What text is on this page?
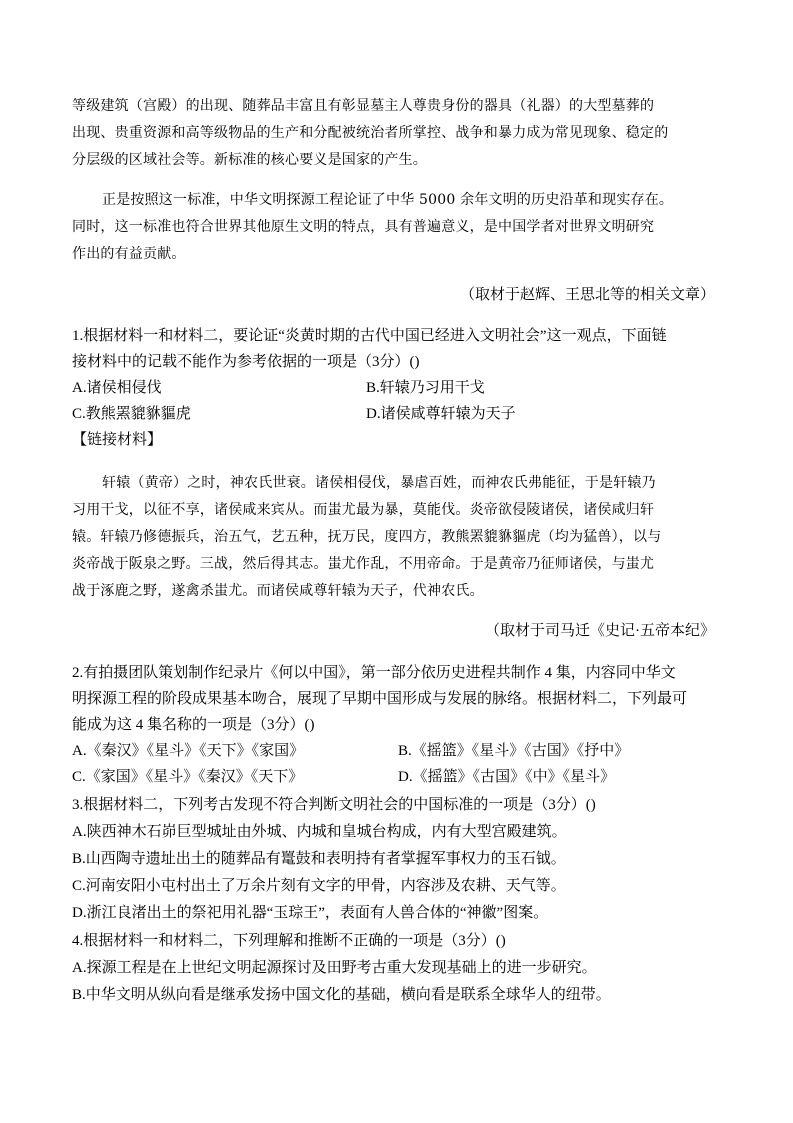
等级建筑（宫殿）的出现、随葬品丰富且有彰显墓主人尊贵身份的器具（礼器）的大型墓葬的
出现、贵重资源和高等级物品的生产和分配被统治者所掌控、战争和暴力成为常见现象、稳定的
分层级的区域社会等。新标准的核心要义是国家的产生。
正是按照这一标准，中华文明探源工程论证了中华 5000 余年文明的历史沿革和现实存在。
同时，这一标准也符合世界其他原生文明的特点，具有普遍意义，是中国学者对世界文明研究
作出的有益贡献。
（取材于赵辉、王思北等的相关文章）
1.根据材料一和材料二，要论证“炎黄时期的古代中国已经进入文明社会”这一观点，下面链
接材料中的记载不能作为参考依据的一项是（3分）()
A.诸侯相侵伐	B.轩辕乃习用干戈
C.教熊罴貔貅貙虎	D.诸侯咸尊轩辕为天子
【链接材料】
轩辕（黄帝）之时，神农氏世衰。诸侯相侵伐，暴虐百姓，而神农氏弗能征，于是轩辕乃
习用干戈，以征不享，诸侯咸来宾从。而蚩尤最为暴，莫能伐。炎帝欲侵陵诸侯，诸侯咸归轩
辕。轩辕乃修德振兵，治五气，艺五种，抚万民，度四方，教熊罴貔貅貙虎（均为猛兽），以与
炎帝战于阪泉之野。三战，然后得其志。蚩尤作乱，不用帝命。于是黄帝乃征师诸侯，与蚩尤
战于涿鹿之野，遂禽杀蚩尤。而诸侯咸尊轩辕为天子，代神农氏。
（取材于司马迁《史记·五帝本纪》
2.有拍摄团队策划制作纪录片《何以中国》，第一部分依历史进程共制作 4 集，内容同中华文
明探源工程的阶段成果基本吻合，展现了早期中国形成与发展的脉络。根据材料二，下列最可
能成为这 4 集名称的一项是（3分）()
A.《秦汉》《星斗》《天下》《家国》	B.《摇篮》《星斗》《古国》《抒中》
C.《家国》《星斗》《秦汉》《天下》	D.《摇篮》《古国》《中》《星斗》
3.根据材料二，下列考古发现不符合判断文明社会的中国标准的一项是（3分）()
A.陕西神木石峁巨型城址由外城、内城和皇城台构成，内有大型宫殿建筑。
B.山西陶寺遗址出土的随葬品有鼍鼓和表明持有者掌握军事权力的玉石钺。
C.河南安阳小屯村出土了万余片刻有文字的甲骨，内容涉及农耕、天气等。
D.浙江良渚出土的祭祀用礼器“玉琮王”，表面有人兽合体的“神徽”图案。
4.根据材料一和材料二，下列理解和推断不正确的一项是（3分）()
A.探源工程是在上世纪文明起源探讨及田野考古重大发现基础上的进一步研究。
B.中华文明从纵向看是继承发扬中国文化的基础，横向看是联系全球华人的纽带。
